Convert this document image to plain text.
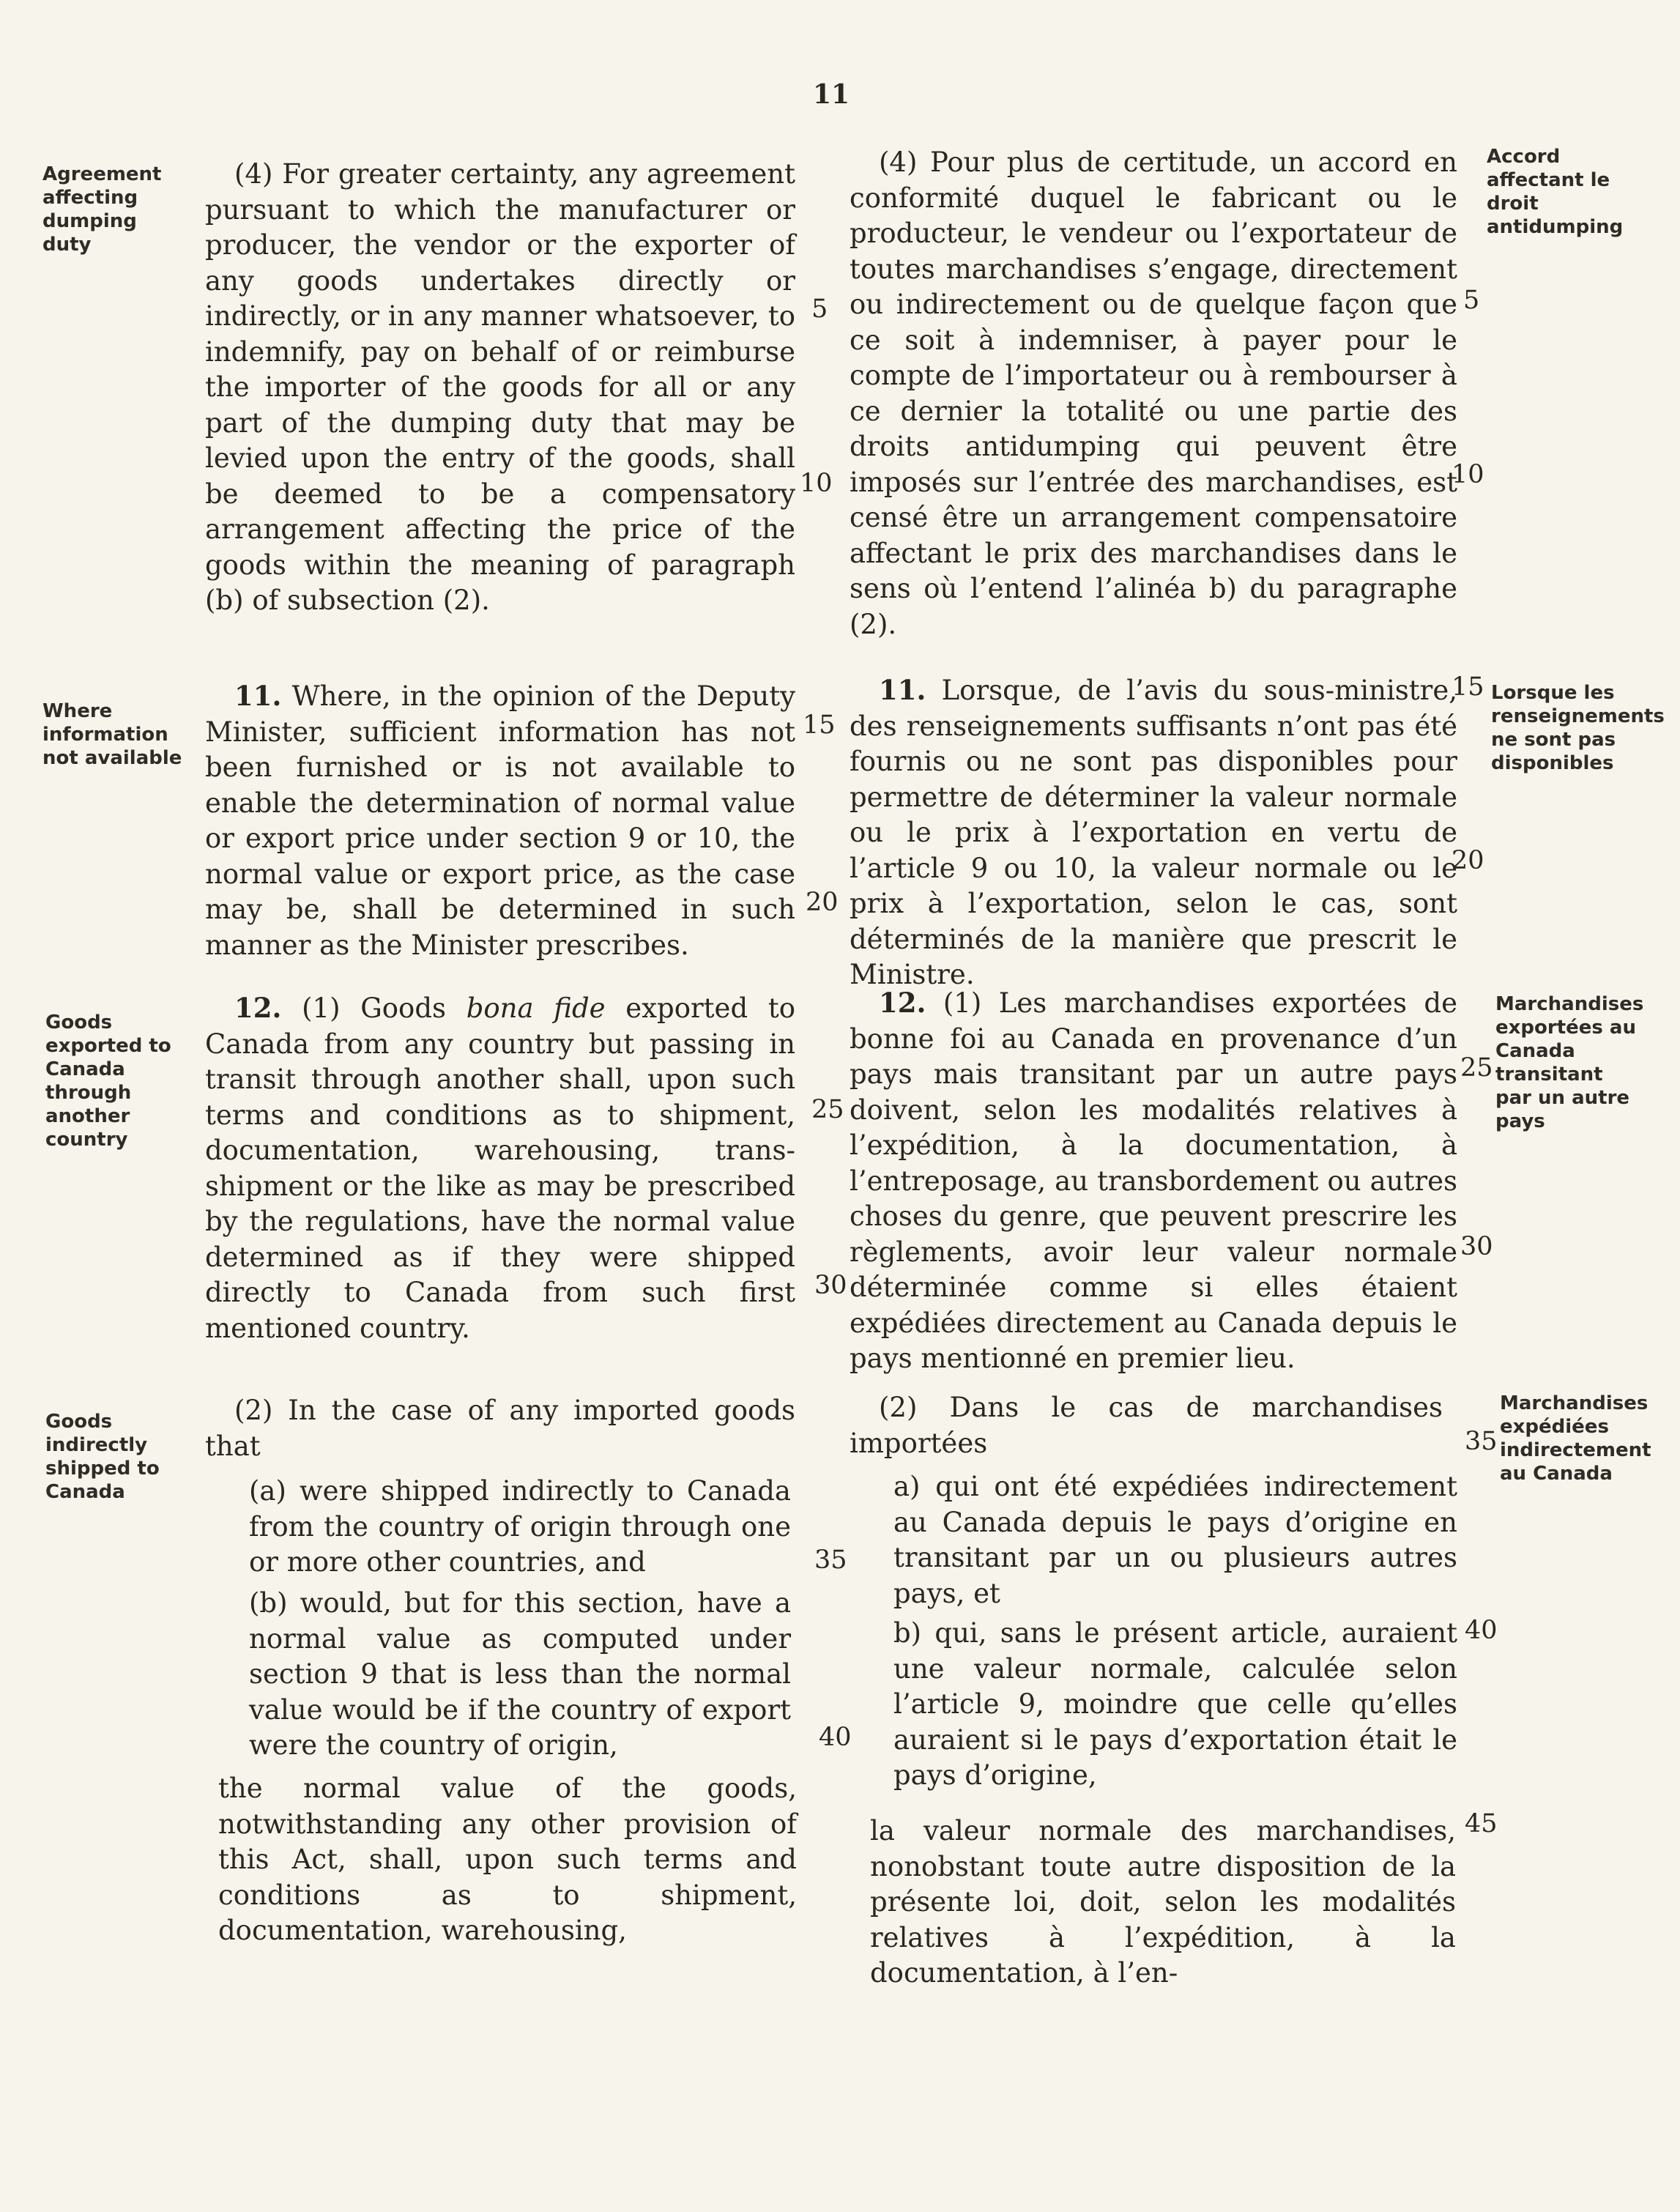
11
Agreement affecting dumping duty
Where information not available
Goods exported to Canada through another country
Goods indirectly shipped to Canada
Accord affectant le droit antidumping
Lorsque les renseignements ne sont pas disponibles
Marchandises exportées au Canada transitant par un autre pays
Marchandises expédiées indirectement au Canada

(4) For greater certainty, any agreement pursuant to which the manufacturer or producer, the vendor or the exporter of any goods undertakes directly or indirectly, or in any manner whatsoever, to indemnify, pay on behalf of or reimburse the importer of the goods for all or any part of the dumping duty that may be levied upon the entry of the goods, shall be deemed to be a compensatory arrangement affecting the price of the goods within the meaning of paragraph (b) of subsection (2).

11. Where, in the opinion of the Deputy Minister, sufficient information has not been furnished or is not available to enable the determination of normal value or export price under section 9 or 10, the normal value or export price, as the case may be, shall be determined in such manner as the Minister prescribes.

12. (1) Goods bona fide exported to Canada from any country but passing in transit through another shall, upon such terms and conditions as to shipment, documentation, warehousing, trans-shipment or the like as may be prescribed by the regulations, have the normal value determined as if they were shipped directly to Canada from such first mentioned country.

(2) In the case of any imported goods that

(a) were shipped indirectly to Canada from the country of origin through one or more other countries, and

(b) would, but for this section, have a normal value as computed under section 9 that is less than the normal value would be if the country of export were the country of origin,

the normal value of the goods, notwithstanding any other provision of this Act, shall, upon such terms and conditions as to shipment, documentation, warehousing,

(4) Pour plus de certitude, un accord en conformité duquel le fabricant ou le producteur, le vendeur ou l’exportateur de toutes marchandises s’engage, directement ou indirectement ou de quelque façon que ce soit à indemniser, à payer pour le compte de l’importateur ou à rembourser à ce dernier la totalité ou une partie des droits antidumping qui peuvent être imposés sur l’entrée des marchandises, est censé être un arrangement compensatoire affectant le prix des marchandises dans le sens où l’entend l’alinéa b) du paragraphe (2).

11. Lorsque, de l’avis du sous-ministre, des renseignements suffisants n’ont pas été fournis ou ne sont pas disponibles pour permettre de déterminer la valeur normale ou le prix à l’exportation en vertu de l’article 9 ou 10, la valeur normale ou le prix à l’exportation, selon le cas, sont déterminés de la manière que prescrit le Ministre.

12. (1) Les marchandises exportées de bonne foi au Canada en provenance d’un pays mais transitant par un autre pays doivent, selon les modalités relatives à l’expédition, à la documentation, à l’entreposage, au transbordement ou autres choses du genre, que peuvent prescrire les règlements, avoir leur valeur normale déterminée comme si elles étaient expédiées directement au Canada depuis le pays mentionné en premier lieu.

(2) Dans le cas de marchandises importées

a) qui ont été expédiées indirectement au Canada depuis le pays d’origine en transitant par un ou plusieurs autres pays, et

b) qui, sans le présent article, auraient une valeur normale, calculée selon l’article 9, moindre que celle qu’elles auraient si le pays d’exportation était le pays d’origine,

la valeur normale des marchandises, nonobstant toute autre disposition de la présente loi, doit, selon les modalités relatives à l’expédition, à la documentation, à l’en-

5
10
15
20
25
30
35
40
5
10
15
20
25
30
35
40
45
